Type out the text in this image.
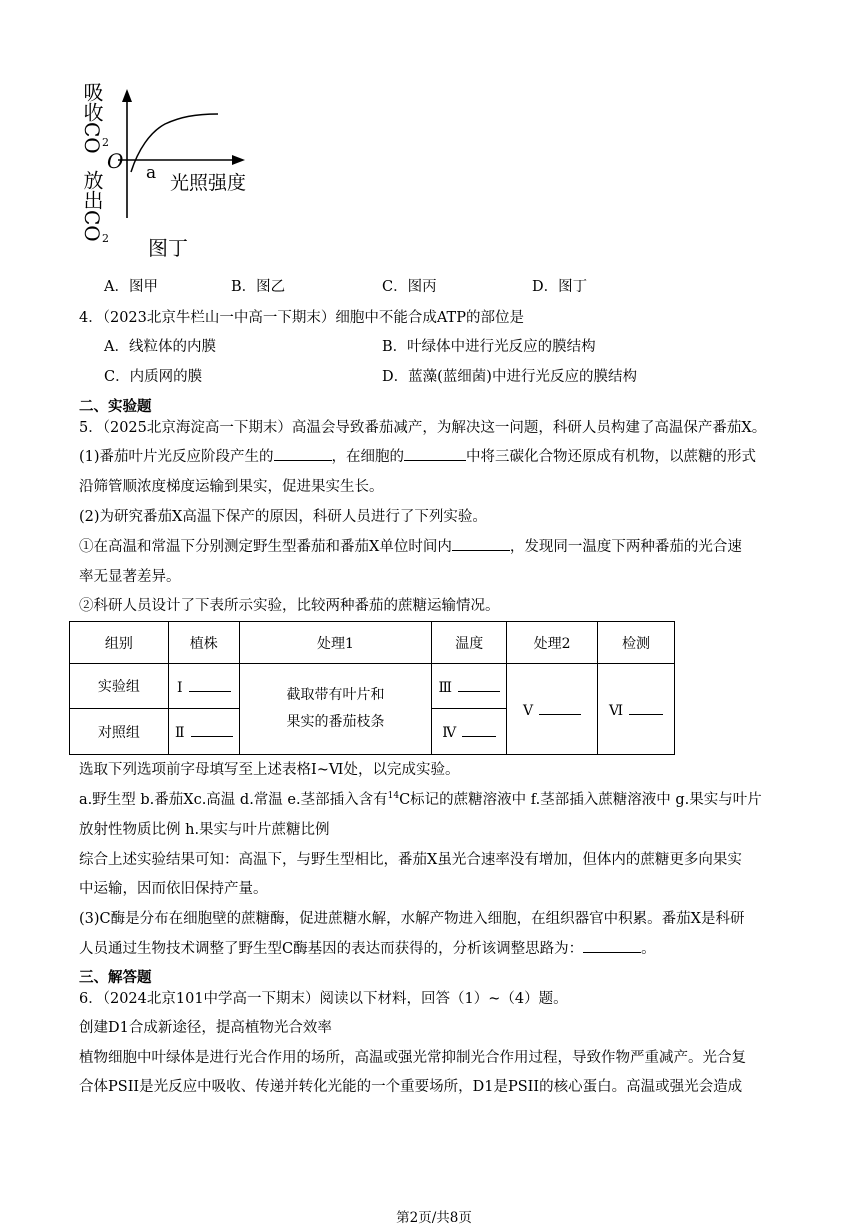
吸收CO
2
O a 光照强度
放出CO
2 图丁
A．图甲	B．图乙	C．图丙	D．图丁
4．（2023北京牛栏山一中高一下期末）细胞中不能合成ATP的部位是
A．线粒体的内膜	B．叶绿体中进行光反应的膜结构
C．内质网的膜	D．蓝藻(蓝细菌)中进行光反应的膜结构
二、实验题
5．（2025北京海淀高一下期末）高温会导致番茄减产，为解决这一问题，科研人员构建了高温保产番茄X。
(1)番茄叶片光反应阶段产生的	，在细胞的	中将三碳化合物还原成有机物，以蔗糖的形式
沿筛管顺浓度梯度运输到果实，促进果实生长。
(2)为研究番茄X高温下保产的原因，科研人员进行了下列实验。
①在高温和常温下分别测定野生型番茄和番茄X单位时间内	，发现同一温度下两种番茄的光合速
率无显著差异。
②科研人员设计了下表所示实验，比较两种番茄的蔗糖运输情况。
组别	植株	处理1	温度	处理2	检测
实验组	Ⅰ	截取带有叶片和
果实的番茄枝条	Ⅲ	Ⅴ	Ⅵ
对照组	Ⅱ		Ⅳ		
选取下列选项前字母填写至上述表格Ⅰ~Ⅵ处，以完成实验。
a.野生型 b.番茄Xc.高温 d.常温 e.茎部插入含有$^{14}$C标记的蔗糖溶液中 f.茎部插入蔗糖溶液中 g.果实与叶片
放射性物质比例 h.果实与叶片蔗糖比例
综合上述实验结果可知：高温下，与野生型相比，番茄X虽光合速率没有增加，但体内的蔗糖更多向果实
中运输，因而依旧保持产量。
(3)C酶是分布在细胞壁的蔗糖酶，促进蔗糖水解，水解产物进入细胞，在组织器官中积累。番茄X是科研
人员通过生物技术调整了野生型C酶基因的表达而获得的，分析该调整思路为：	。
三、解答题
6．（2024北京101中学高一下期末）阅读以下材料，回答（1）~（4）题。
创建D1合成新途径，提高植物光合效率
植物细胞中叶绿体是进行光合作用的场所，高温或强光常抑制光合作用过程，导致作物严重减产。光合复
合体PSII是光反应中吸收、传递并转化光能的一个重要场所，D1是PSII的核心蛋白。高温或强光会造成
第2页/共8页
